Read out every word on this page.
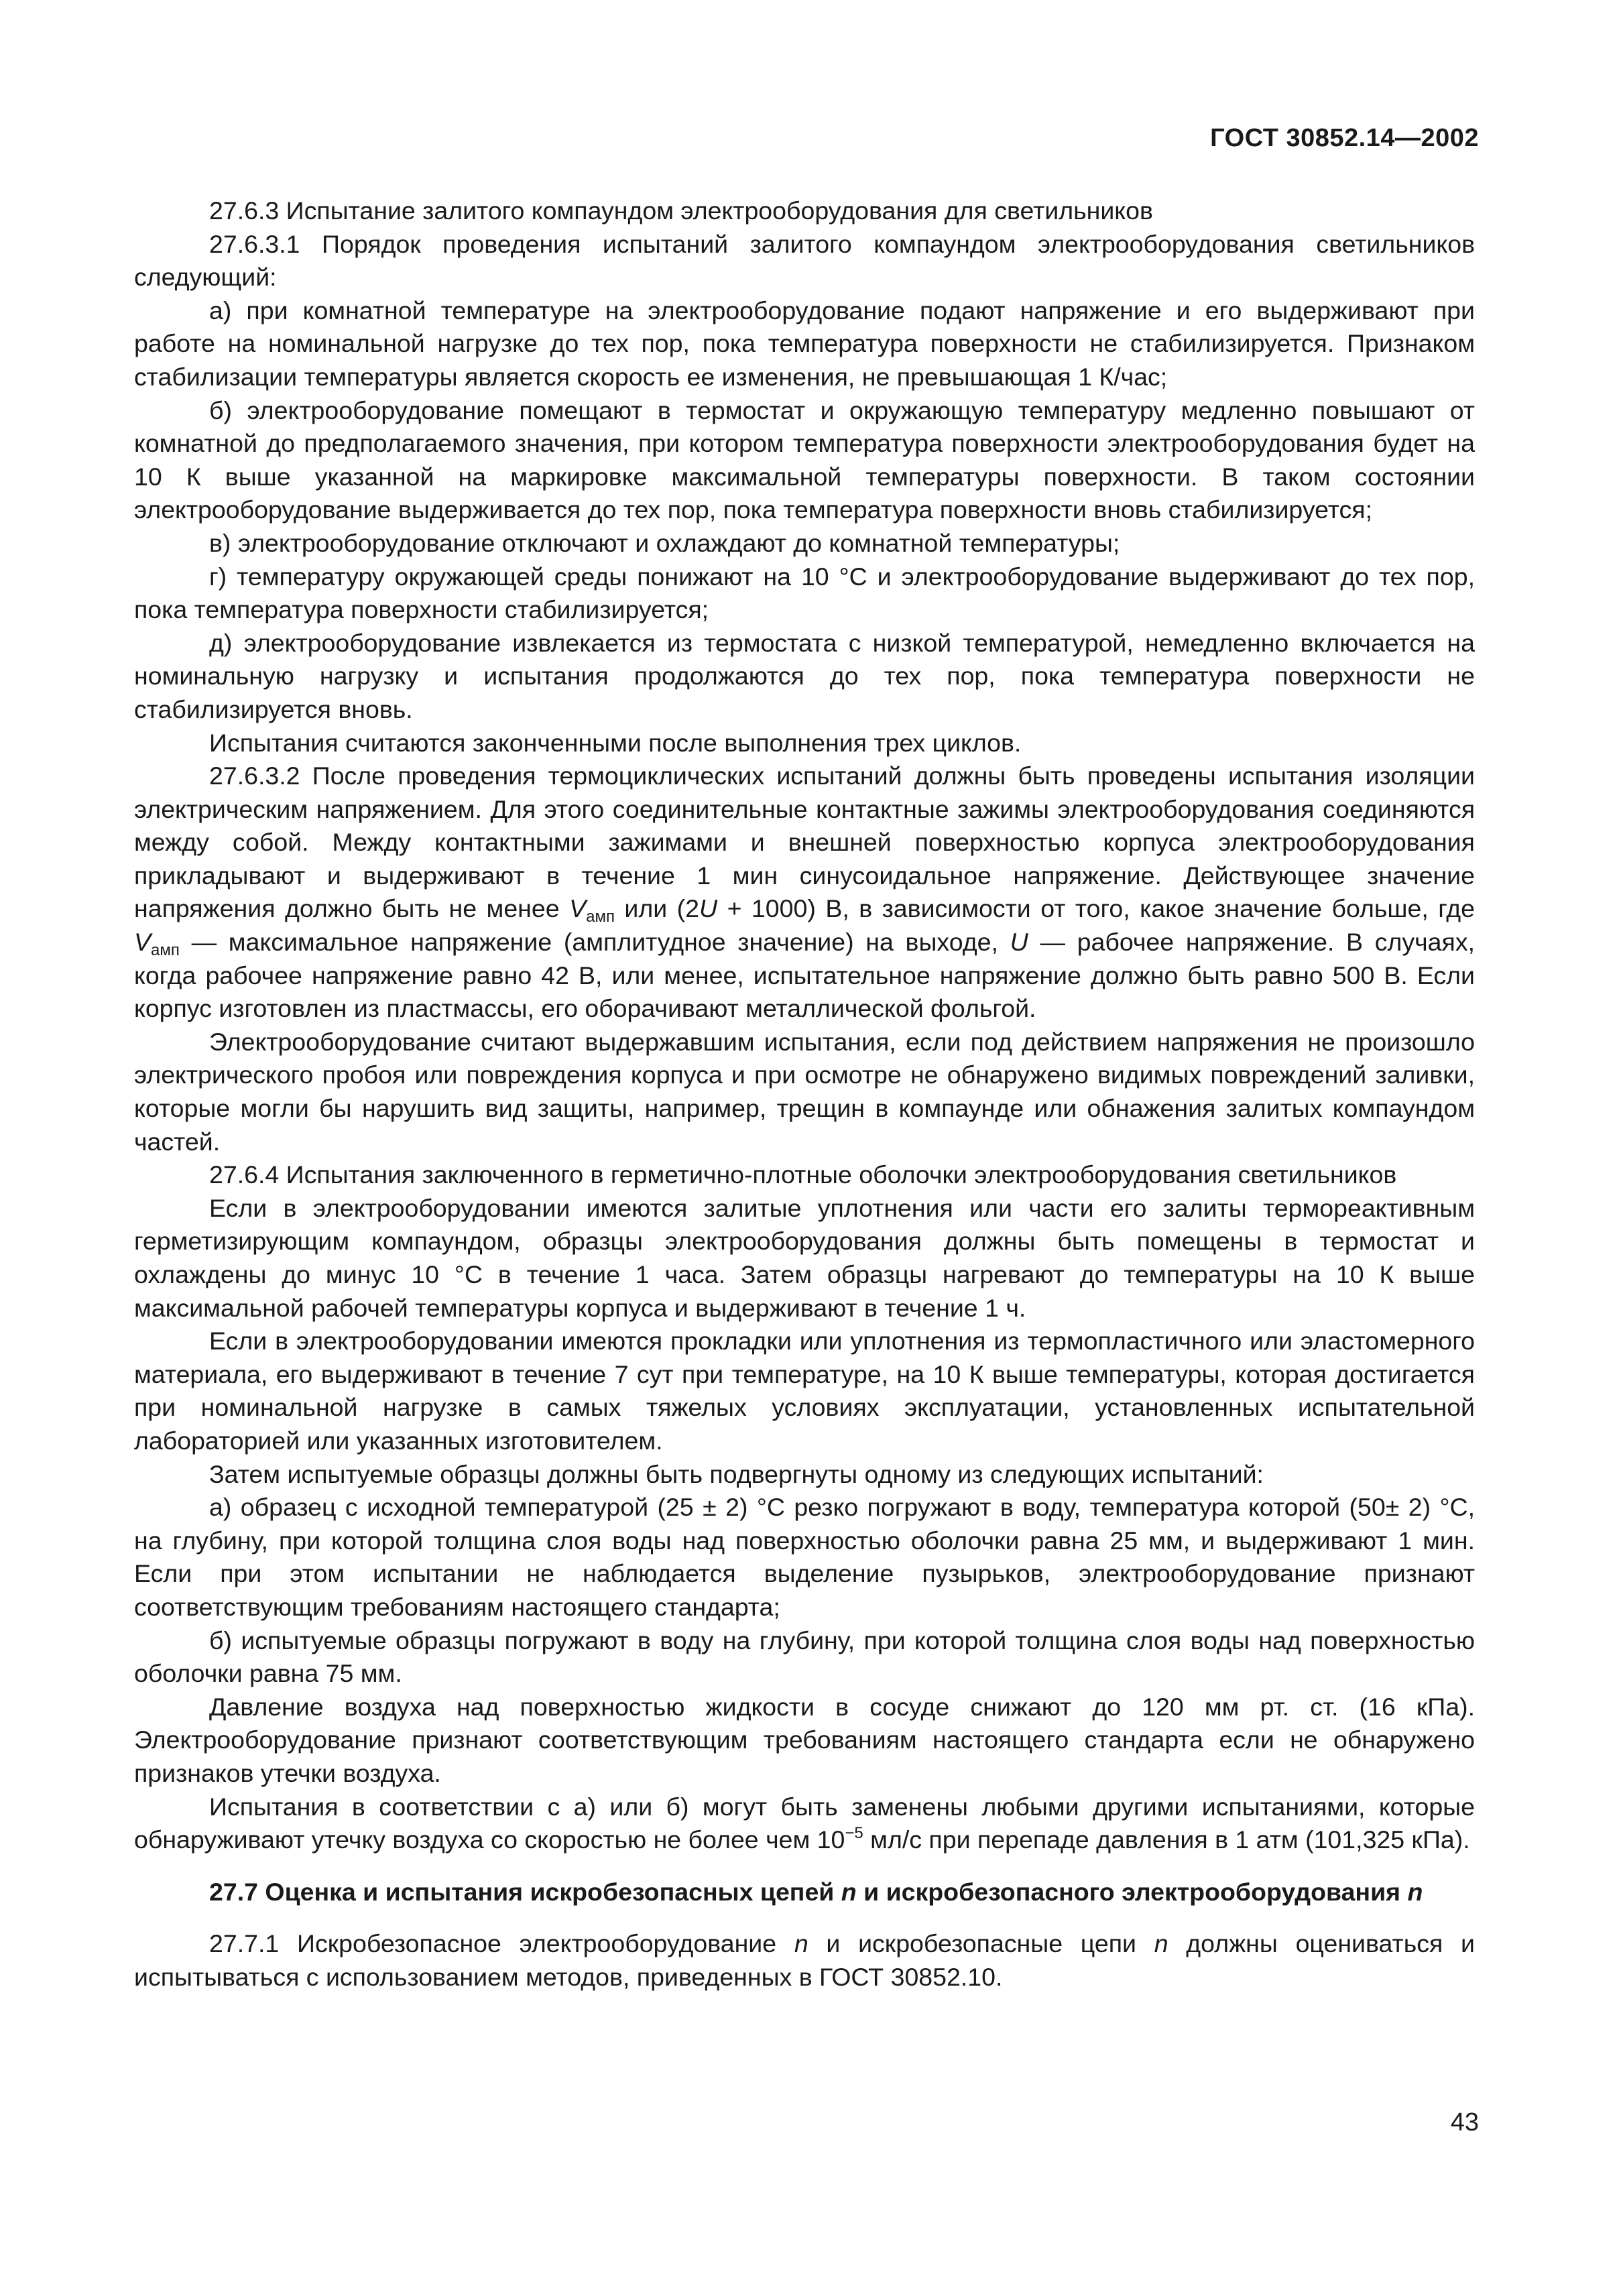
ГОСТ 30852.14—2002

27.6.3 Испытание залитого компаундом электрооборудования для светильников

27.6.3.1 Порядок проведения испытаний залитого компаундом электрооборудования светильников следующий:

а) при комнатной температуре на электрооборудование подают напряжение и его выдерживают при работе на номинальной нагрузке до тех пор, пока температура поверхности не стабилизируется. Признаком стабилизации температуры является скорость ее изменения, не превышающая 1 К/час;

б) электрооборудование помещают в термостат и окружающую температуру медленно повышают от комнатной до предполагаемого значения, при котором температура поверхности электрооборудования будет на 10 К выше указанной на маркировке максимальной температуры поверхности. В таком состоянии электрооборудование выдерживается до тех пор, пока температура поверхности вновь стабилизируется;

в) электрооборудование отключают и охлаждают до комнатной температуры;

г) температуру окружающей среды понижают на 10 °С и электрооборудование выдерживают до тех пор, пока температура поверхности стабилизируется;

д) электрооборудование извлекается из термостата с низкой температурой, немедленно включается на номинальную нагрузку и испытания продолжаются до тех пор, пока температура поверхности не стабилизируется вновь.

Испытания считаются законченными после выполнения трех циклов.

27.6.3.2 После проведения термоциклических испытаний должны быть проведены испытания изоляции электрическим напряжением. Для этого соединительные контактные зажимы электрооборудования соединяются между собой. Между контактными зажимами и внешней поверхностью корпуса электрооборудования прикладывают и выдерживают в течение 1 мин синусоидальное напряжение. Действующее значение напряжения должно быть не менее $V_{амп}$ или (2U + 1000) В, в зависимости от того, какое значение больше, где $V_{амп}$ — максимальное напряжение (амплитудное значение) на выходе, U — рабочее напряжение. В случаях, когда рабочее напряжение равно 42 В, или менее, испытательное напряжение должно быть равно 500 В. Если корпус изготовлен из пластмассы, его оборачивают металлической фольгой.

Электрооборудование считают выдержавшим испытания, если под действием напряжения не произошло электрического пробоя или повреждения корпуса и при осмотре не обнаружено видимых повреждений заливки, которые могли бы нарушить вид защиты, например, трещин в компаунде или обнажения залитых компаундом частей.

27.6.4 Испытания заключенного в герметично-плотные оболочки электрооборудования светильников

Если в электрооборудовании имеются залитые уплотнения или части его залиты термореактивным герметизирующим компаундом, образцы электрооборудования должны быть помещены в термостат и охлаждены до минус 10 °С в течение 1 часа. Затем образцы нагревают до температуры на 10 К выше максимальной рабочей температуры корпуса и выдерживают в течение 1 ч.

Если в электрооборудовании имеются прокладки или уплотнения из термопластичного или эластомерного материала, его выдерживают в течение 7 сут при температуре, на 10 К выше температуры, которая достигается при номинальной нагрузке в самых тяжелых условиях эксплуатации, установленных испытательной лабораторией или указанных изготовителем.

Затем испытуемые образцы должны быть подвергнуты одному из следующих испытаний:

а) образец с исходной температурой (25 ± 2) °С резко погружают в воду, температура которой (50± 2) °С, на глубину, при которой толщина слоя воды над поверхностью оболочки равна 25 мм, и выдерживают 1 мин. Если при этом испытании не наблюдается выделение пузырьков, электрооборудование признают соответствующим требованиям настоящего стандарта;

б) испытуемые образцы погружают в воду на глубину, при которой толщина слоя воды над поверхностью оболочки равна 75 мм.

Давление воздуха над поверхностью жидкости в сосуде снижают до 120 мм рт. ст. (16 кПа). Электрооборудование признают соответствующим требованиям настоящего стандарта если не обнаружено признаков утечки воздуха.

Испытания в соответствии с а) или б) могут быть заменены любыми другими испытаниями, которые обнаруживают утечку воздуха со скоростью не более чем $10^{-5}$ мл/с при перепаде давления в 1 атм (101,325 кПа).

27.7 Оценка и испытания искробезопасных цепей n и искробезопасного электрооборудования n

27.7.1 Искробезопасное электрооборудование n и искробезопасные цепи n должны оцениваться и испытываться с использованием методов, приведенных в ГОСТ 30852.10.

43
